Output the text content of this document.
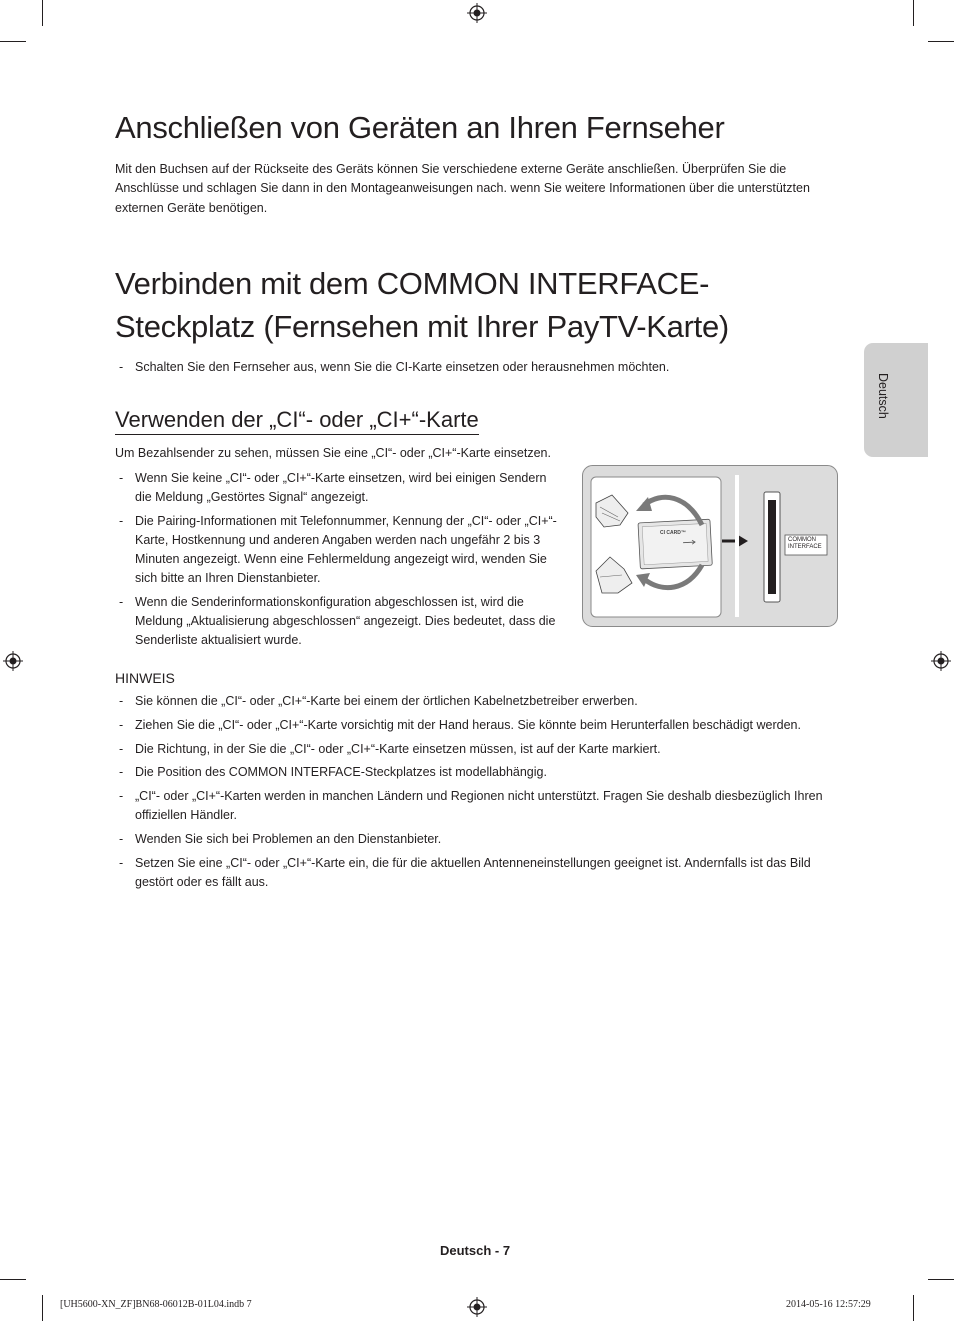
Anschließen von Geräten an Ihren Fernseher

Mit den Buchsen auf der Rückseite des Geräts können Sie verschiedene externe Geräte anschließen. Überprüfen Sie die Anschlüsse und schlagen Sie dann in den Montageanweisungen nach. wenn Sie weitere Informationen über die unterstützten externen Geräte benötigen.

Verbinden mit dem COMMON INTERFACE-
Steckplatz (Fernsehen mit Ihrer PayTV-Karte)
- Schalten Sie den Fernseher aus, wenn Sie die CI-Karte einsetzen oder herausnehmen möchten.
Verwenden der „CI“- oder „CI+“-Karte

Um Bezahlsender zu sehen, müssen Sie eine „CI“- oder „CI+“-Karte einsetzen.

- Wenn Sie keine „CI“- oder „CI+“-Karte einsetzen, wird bei einigen Sendern die Meldung „Gestörtes Signal“ angezeigt.
- Die Pairing-Informationen mit Telefonnummer, Kennung der „CI“- oder „CI+“-Karte, Hostkennung und anderen Angaben werden nach ungefähr 2 bis 3 Minuten angezeigt. Wenn eine Fehlermeldung angezeigt wird, wenden Sie sich bitte an Ihren Dienstanbieter.
- Wenn die Senderinformationskonfiguration abgeschlossen ist, wird die Meldung „Aktualisierung abgeschlossen“ angezeigt. Dies bedeutet, dass die Senderliste aktualisiert wurde.
CI CARD™
COMMON
INTERFACE
Deutsch
HINWEIS
- Sie können die „CI“- oder „CI+“-Karte bei einem der örtlichen Kabelnetzbetreiber erwerben.
- Ziehen Sie die „CI“- oder „CI+“-Karte vorsichtig mit der Hand heraus. Sie könnte beim Herunterfallen beschädigt werden.
- Die Richtung, in der Sie die „CI“- oder „CI+“-Karte einsetzen müssen, ist auf der Karte markiert.
- Die Position des COMMON INTERFACE-Steckplatzes ist modellabhängig.
- „CI“- oder „CI+“-Karten werden in manchen Ländern und Regionen nicht unterstützt. Fragen Sie deshalb diesbezüglich Ihren offiziellen Händler.
- Wenden Sie sich bei Problemen an den Dienstanbieter.
- Setzen Sie eine „CI“- oder „CI+“-Karte ein, die für die aktuellen Antenneneinstellungen geeignet ist. Andernfalls ist das Bild gestört oder es fällt aus.
Deutsch - 7
[UH5600-XN_ZF]BN68-06012B-01L04.indb 7	2014-05-16 12:57:29
